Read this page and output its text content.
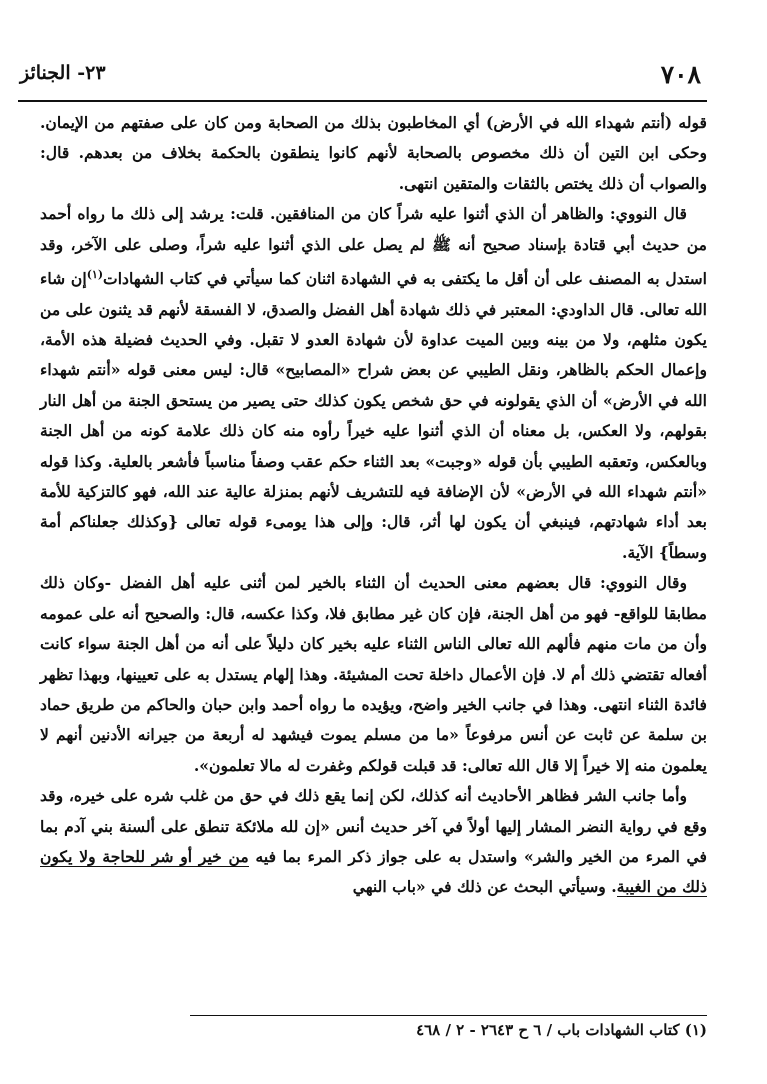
٧٠٨
٢٣- الجنائز

قوله (أنتم شهداء الله في الأرض) أي المخاطبون بذلك من الصحابة ومن كان على صفتهم من الإيمان. وحكى ابن التين أن ذلك مخصوص بالصحابة لأنهم كانوا ينطقون بالحكمة بخلاف من بعدهم. قال: والصواب أن ذلك يختص بالثقات والمتقين انتهى.

قال النووي: والظاهر أن الذي أثنوا عليه شراً كان من المنافقين. قلت: يرشد إلى ذلك ما رواه أحمد من حديث أبي قتادة بإسناد صحيح أنه ﷺ لم يصل على الذي أثنوا عليه شراً، وصلى على الآخر، وقد استدل به المصنف على أن أقل ما يكتفى به في الشهادة اثنان كما سيأتي في كتاب الشهادات$^{(١)}$إن شاء الله تعالى. قال الداودي: المعتبر في ذلك شهادة أهل الفضل والصدق، لا الفسقة لأنهم قد يثنون على من يكون مثلهم، ولا من بينه وبين الميت عداوة لأن شهادة العدو لا تقبل. وفي الحديث فضيلة هذه الأمة، وإعمال الحكم بالظاهر، ونقل الطيبي عن بعض شراح «المصابيح» قال: ليس معنى قوله «أنتم شهداء الله في الأرض» أن الذي يقولونه في حق شخص يكون كذلك حتى يصير من يستحق الجنة من أهل النار بقولهم، ولا العكس، بل معناه أن الذي أثنوا عليه خيراً رأوه منه كان ذلك علامة كونه من أهل الجنة وبالعكس، وتعقبه الطيبي بأن قوله «وجبت» بعد الثناء حكم عقب وصفاً مناسباً فأشعر بالعلية. وكذا قوله «أنتم شهداء الله في الأرض» لأن الإضافة فيه للتشريف لأنهم بمنزلة عالية عند الله، فهو كالتزكية للأمة بعد أداء شهادتهم، فينبغي أن يكون لها أثر، قال: وإلى هذا يومىء قوله تعالى {وكذلك جعلناكم أمة وسطاً} الآية.

وقال النووي: قال بعضهم معنى الحديث أن الثناء بالخير لمن أثنى عليه أهل الفضل -وكان ذلك مطابقا للواقع- فهو من أهل الجنة، فإن كان غير مطابق فلا، وكذا عكسه، قال: والصحيح أنه على عمومه وأن من مات منهم فألهم الله تعالى الناس الثناء عليه بخير كان دليلاً على أنه من أهل الجنة سواء كانت أفعاله تقتضي ذلك أم لا. فإن الأعمال داخلة تحت المشيئة. وهذا إلهام يستدل به على تعيينها، وبهذا تظهر فائدة الثناء انتهى. وهذا في جانب الخير واضح، ويؤيده ما رواه أحمد وابن حبان والحاكم من طريق حماد بن سلمة عن ثابت عن أنس مرفوعاً «ما من مسلم يموت فيشهد له أربعة من جيرانه الأدنين أنهم لا يعلمون منه إلا خيراً إلا قال الله تعالى: قد قبلت قولكم وغفرت له مالا تعلمون».

وأما جانب الشر فظاهر الأحاديث أنه كذلك، لكن إنما يقع ذلك في حق من غلب شره على خيره، وقد وقع في رواية النضر المشار إليها أولاً في آخر حديث أنس «إن لله ملائكة تنطق على ألسنة بني آدم بما في المرء من الخير والشر» واستدل به على جواز ذكر المرء بما فيه من خير أو شر للحاجة ولا يكون ذلك من الغيبة. وسيأتي البحث عن ذلك في «باب النهي

(١) كتاب الشهادات باب / ٦ ح ٢٦٤٣ - ٢ / ٤٦٨
